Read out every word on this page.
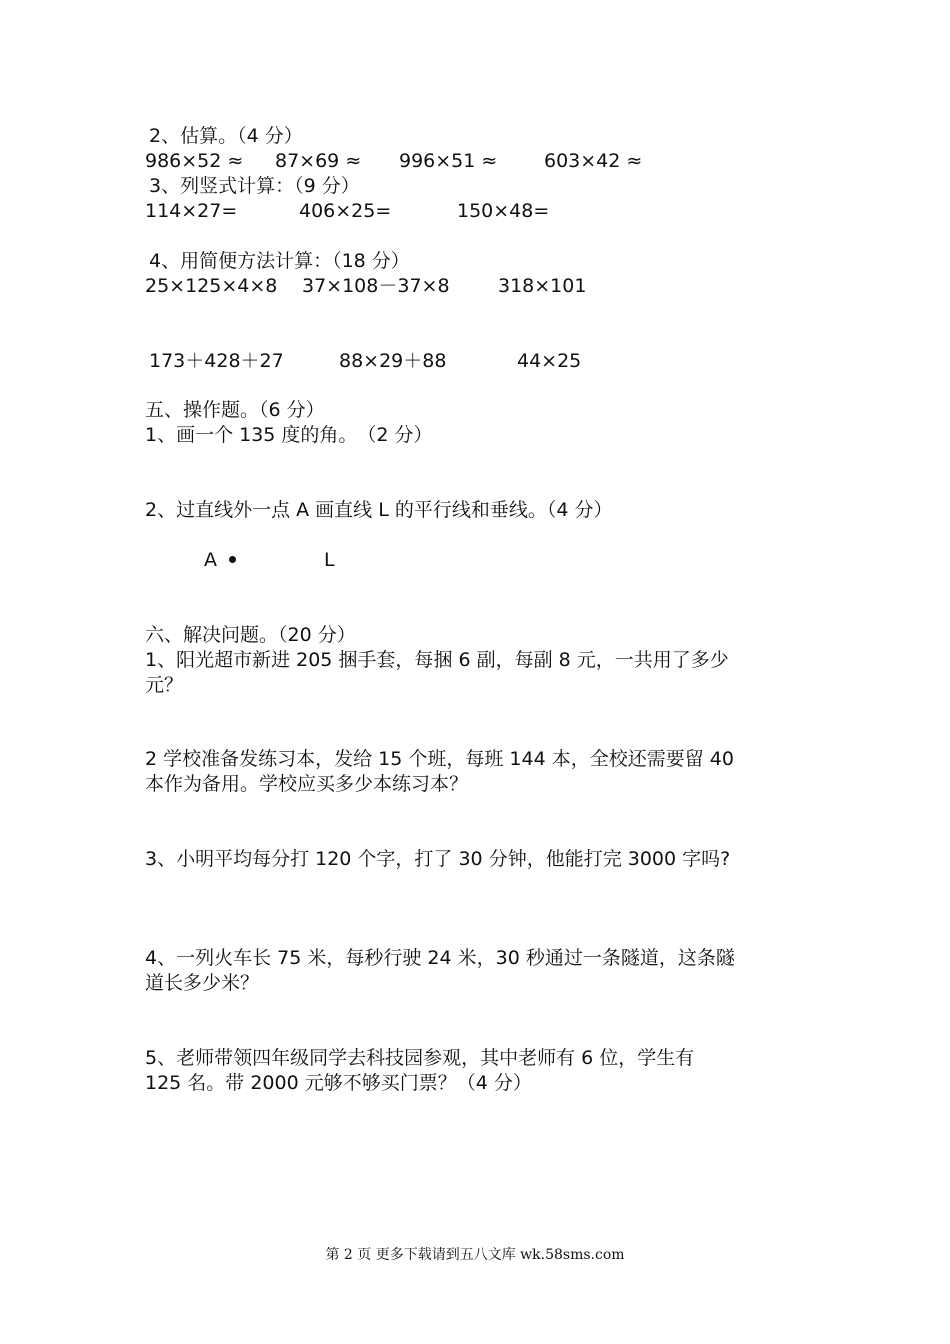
2、估算。（4 分）
986×52 ≈ 87×69 ≈ 996×51 ≈ 603×42 ≈
3、列竖式计算：（9 分）
114×27=	406×25=	150×48=
4、用简便方法计算：（18 分）
25×125×4×8 37×108－37×8	318×101
173＋428＋27	88×29＋88	44×25
五、操作题。（6 分）
1、画一个 135 度的角。　（2 分）
2、过直线外一点 A 画直线 L 的平行线和垂线。（4 分）
A	L
六、解决问题。（20 分）
1、阳光超市新进 205 捆手套，每捆 6 副，每副 8 元，一共用了多少
元？
2 学校准备发练习本，发给 15 个班，每班 144 本，全校还需要留 40
本作为备用。学校应买多少本练习本？
3、小明平均每分打 120 个字，打了 30 分钟，他能打完 3000 字吗?
4、一列火车长 75 米，每秒行驶 24 米，30 秒通过一条隧道，这条隧
道长多少米？
5、老师带领四年级同学去科技园参观，其中老师有 6 位，学生有
125 名。带 2000 元够不够买门票？（4 分）
第 2 页 更多下载请到五八文库 wk.58sms.com
